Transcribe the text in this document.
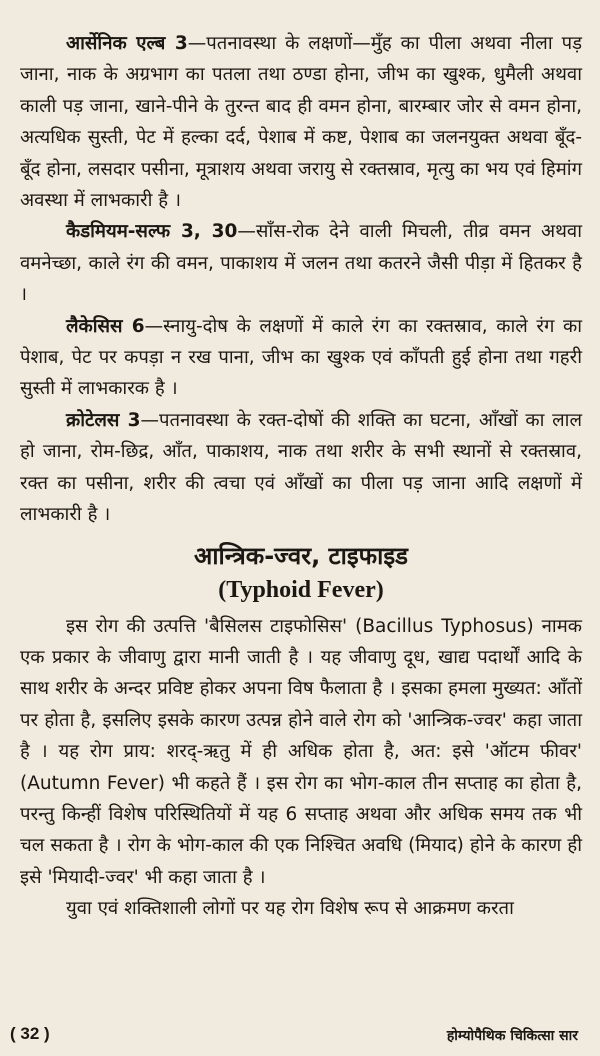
आर्सेनिक एल्ब 3—पतनावस्था के लक्षणों—मुँह का पीला अथवा नीला पड़ जाना, नाक के अग्रभाग का पतला तथा ठण्डा होना, जीभ का खुश्क, धुमैली अथवा काली पड़ जाना, खाने-पीने के तुरन्त बाद ही वमन होना, बारम्बार जोर से वमन होना, अत्यधिक सुस्ती, पेट में हल्का दर्द, पेशाब में कष्ट, पेशाब का जलनयुक्त अथवा बूँद-बूँद होना, लसदार पसीना, मूत्राशय अथवा जरायु से रक्तस्राव, मृत्यु का भय एवं हिमांग अवस्था में लाभकारी है ।

कैडमियम-सल्फ 3, 30—साँस-रोक देने वाली मिचली, तीव्र वमन अथवा वमनेच्छा, काले रंग की वमन, पाकाशय में जलन तथा कतरने जैसी पीड़ा में हितकर है ।

लैकेसिस 6—स्नायु-दोष के लक्षणों में काले रंग का रक्तस्राव, काले रंग का पेशाब, पेट पर कपड़ा न रख पाना, जीभ का खुश्क एवं काँपती हुई होना तथा गहरी सुस्ती में लाभकारक है ।

क्रोटेलस 3—पतनावस्था के रक्त-दोषों की शक्ति का घटना, आँखों का लाल हो जाना, रोम-छिद्र, आँत, पाकाशय, नाक तथा शरीर के सभी स्थानों से रक्तस्राव, रक्त का पसीना, शरीर की त्वचा एवं आँखों का पीला पड़ जाना आदि लक्षणों में लाभकारी है ।

आन्त्रिक-ज्वर, टाइफाइड
(Typhoid Fever)

इस रोग की उत्पत्ति 'बैसिलस टाइफोसिस' (Bacillus Typhosus) नामक एक प्रकार के जीवाणु द्वारा मानी जाती है । यह जीवाणु दूध, खाद्य पदार्थों आदि के साथ शरीर के अन्दर प्रविष्ट होकर अपना विष फैलाता है । इसका हमला मुख्यत: आँतों पर होता है, इसलिए इसके कारण उत्पन्न होने वाले रोग को 'आन्त्रिक-ज्वर' कहा जाता है । यह रोग प्राय: शरद्-ऋतु में ही अधिक होता है, अत: इसे 'ऑटम फीवर' (Autumn Fever) भी कहते हैं । इस रोग का भोग-काल तीन सप्ताह का होता है, परन्तु किन्हीं विशेष परिस्थितियों में यह 6 सप्ताह अथवा और अधिक समय तक भी चल सकता है । रोग के भोग-काल की एक निश्चित अवधि (मियाद) होने के कारण ही इसे 'मियादी-ज्वर' भी कहा जाता है ।

युवा एवं शक्तिशाली लोगों पर यह रोग विशेष रूप से आक्रमण करता

( 32 )	होम्योपैथिक चिकित्सा सार
